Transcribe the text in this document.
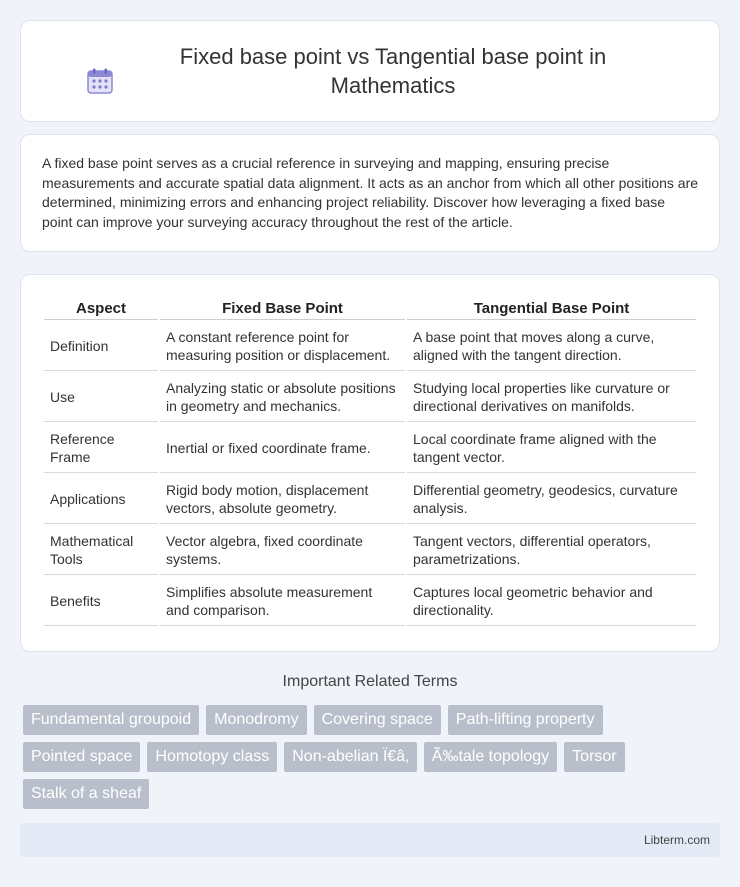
Fixed base point vs Tangential base point in Mathematics

A fixed base point serves as a crucial reference in surveying and mapping, ensuring precise measurements and accurate spatial data alignment. It acts as an anchor from which all other positions are determined, minimizing errors and enhancing project reliability. Discover how leveraging a fixed base point can improve your surveying accuracy throughout the rest of the article.

Aspect	Fixed Base Point	Tangential Base Point
Definition	A constant reference point for measuring position or displacement.	A base point that moves along a curve, aligned with the tangent direction.
Use	Analyzing static or absolute positions in geometry and mechanics.	Studying local properties like curvature or directional derivatives on manifolds.
Reference Frame	Inertial or fixed coordinate frame.	Local coordinate frame aligned with the tangent vector.
Applications	Rigid body motion, displacement vectors, absolute geometry.	Differential geometry, geodesics, curvature analysis.
Mathematical Tools	Vector algebra, fixed coordinate systems.	Tangent vectors, differential operators, parametrizations.
Benefits	Simplifies absolute measurement and comparison.	Captures local geometric behavior and directionality.
Important Related Terms
Fundamental groupoid	Monodromy	Covering space	Path-lifting property
Pointed space	Homotopy class	Non-abelian Ï€â‚	Ã‰tale topology	Torsor
Stalk of a sheaf
Libterm.com
